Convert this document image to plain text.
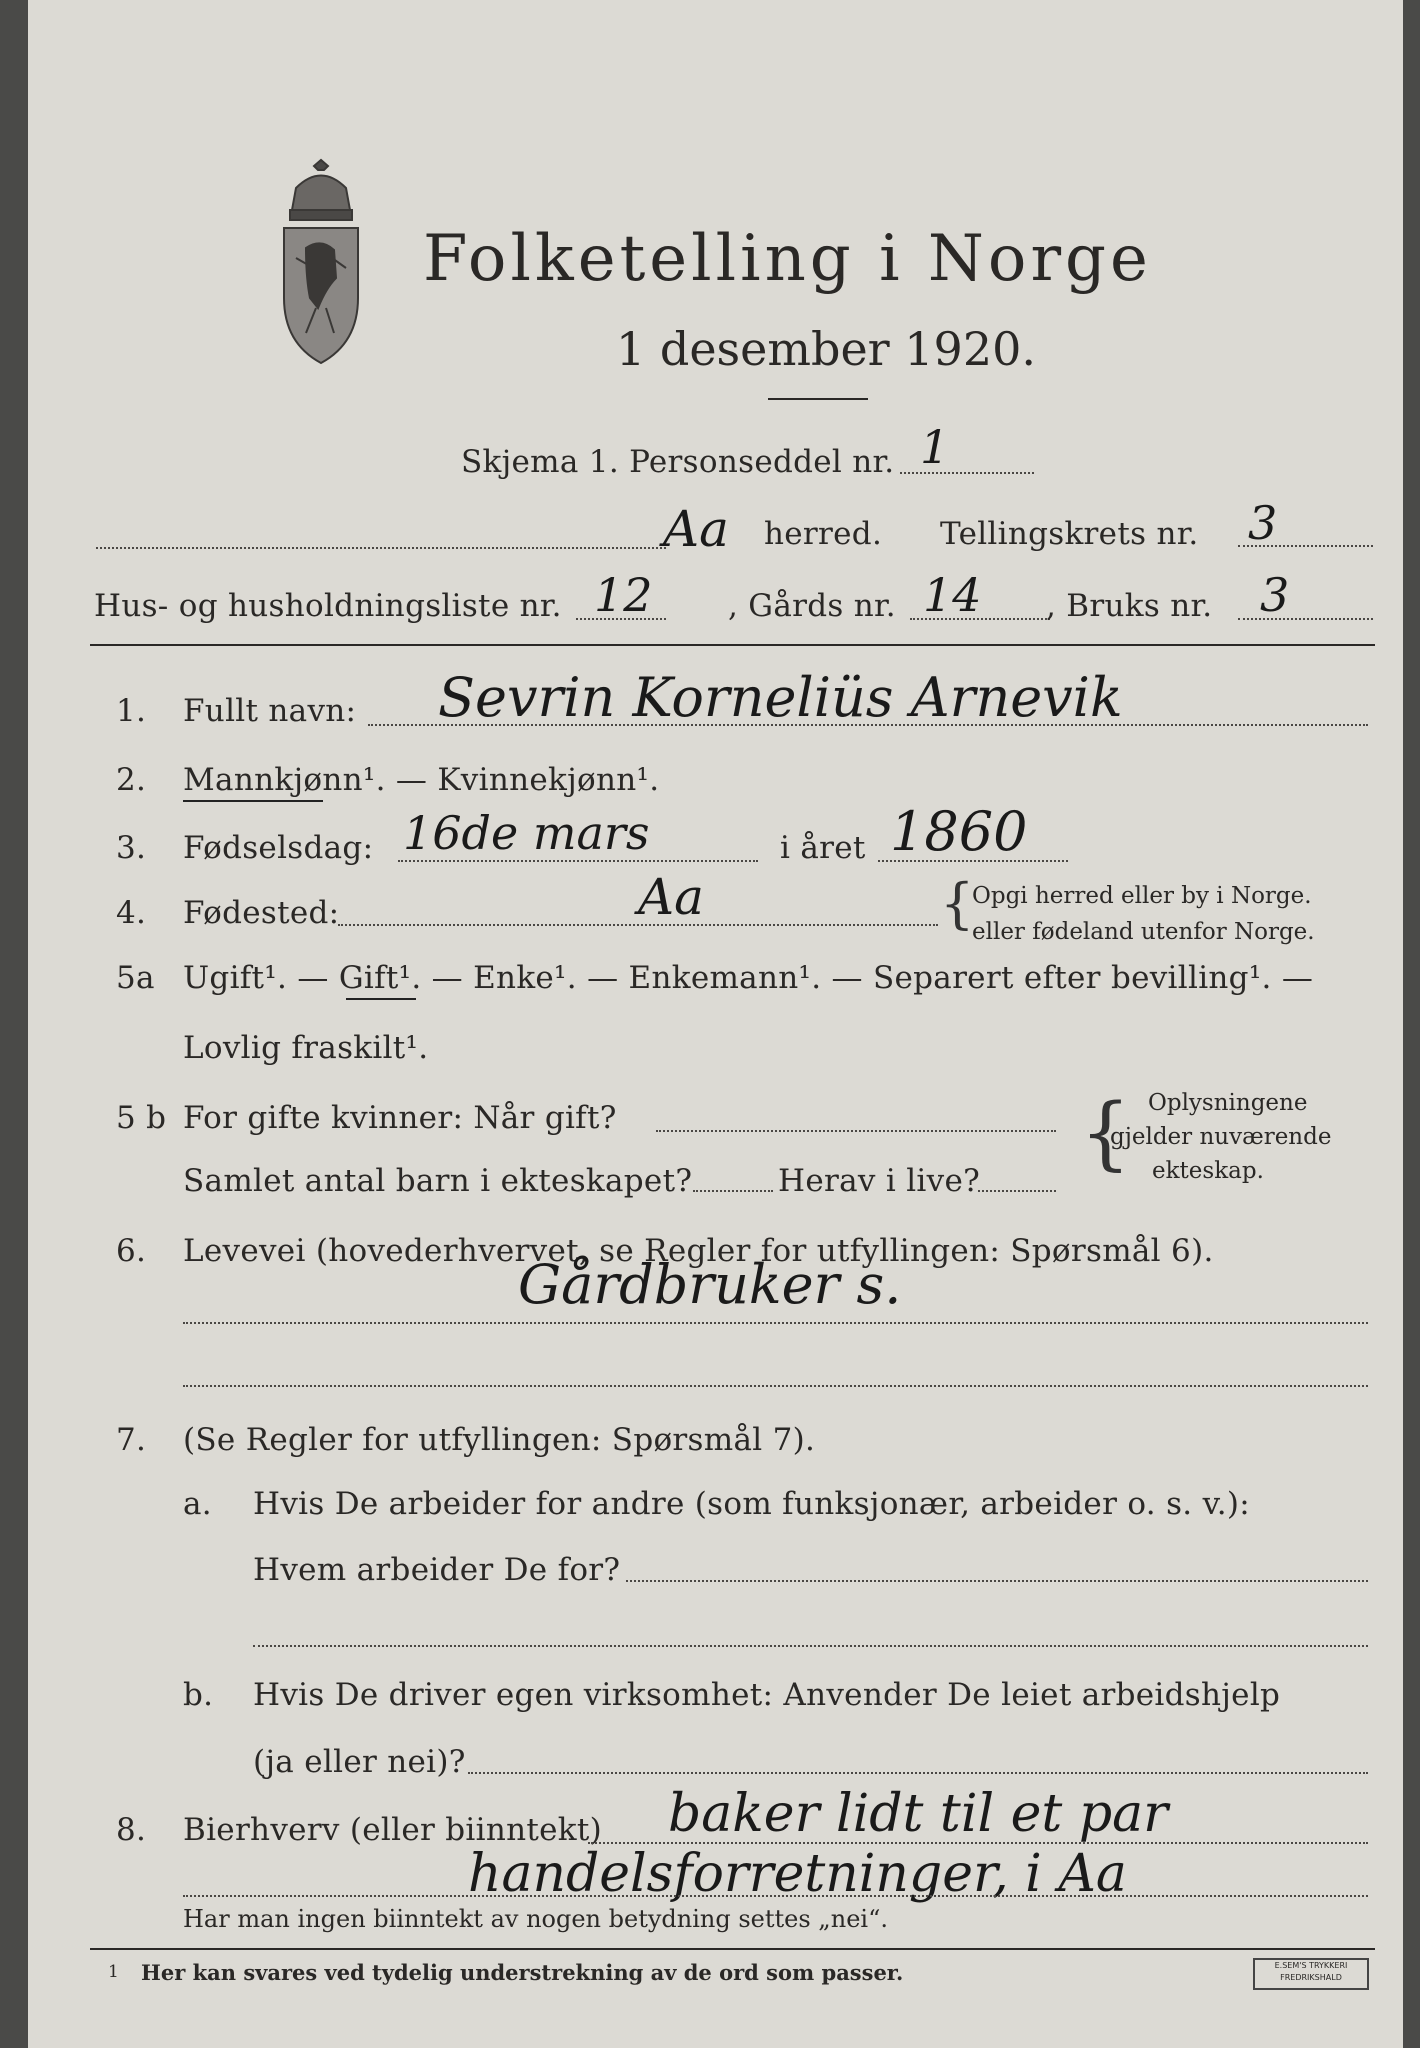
Folketelling i Norge
1 desember 1920.
Skjema 1. Personseddel nr. 1
Aa herred. Tellingskrets nr. 3
Hus- og husholdningsliste nr. 12 , Gårds nr. 14 , Bruks nr. 3
1. Fullt navn: Sevrin Korneliüs Arnevik
2. Mannkjønn¹. — Kvinnekjønn¹.
3. Fødselsdag: 16de mars	i året 1860
4. Fødested:	Aa	{
Opgi herred eller by i Norge.
eller fødeland utenfor Norge.
5a Ugift¹. — Gift¹. — Enke¹. — Enkemann¹. — Separert efter bevilling¹. —
Lovlig fraskilt¹.
5 b For gifte kvinner: Når gift?
Samlet antal barn i ekteskapet?	Herav i live?
{ Oplysningene
gjelder nuværende
ekteskap.
6. Levevei (hovederhvervet, se Regler for utfyllingen: Spørsmål 6).
Gårdbruker s.
7. (Se Regler for utfyllingen: Spørsmål 7).
a. Hvis De arbeider for andre (som funksjonær, arbeider o. s. v.):
Hvem arbeider De for?
b. Hvis De driver egen virksomhet: Anvender De leiet arbeidshjelp
(ja eller nei)?
8. Bierhverv (eller biinntekt) baker lidt til et par
handelsforretninger, i Aa
Har man ingen biinntekt av nogen betydning settes „nei“.
1 Her kan svares ved tydelig understrekning av de ord som passer.	E.SEM'S TRYKKERI
FREDRIKSHALD
